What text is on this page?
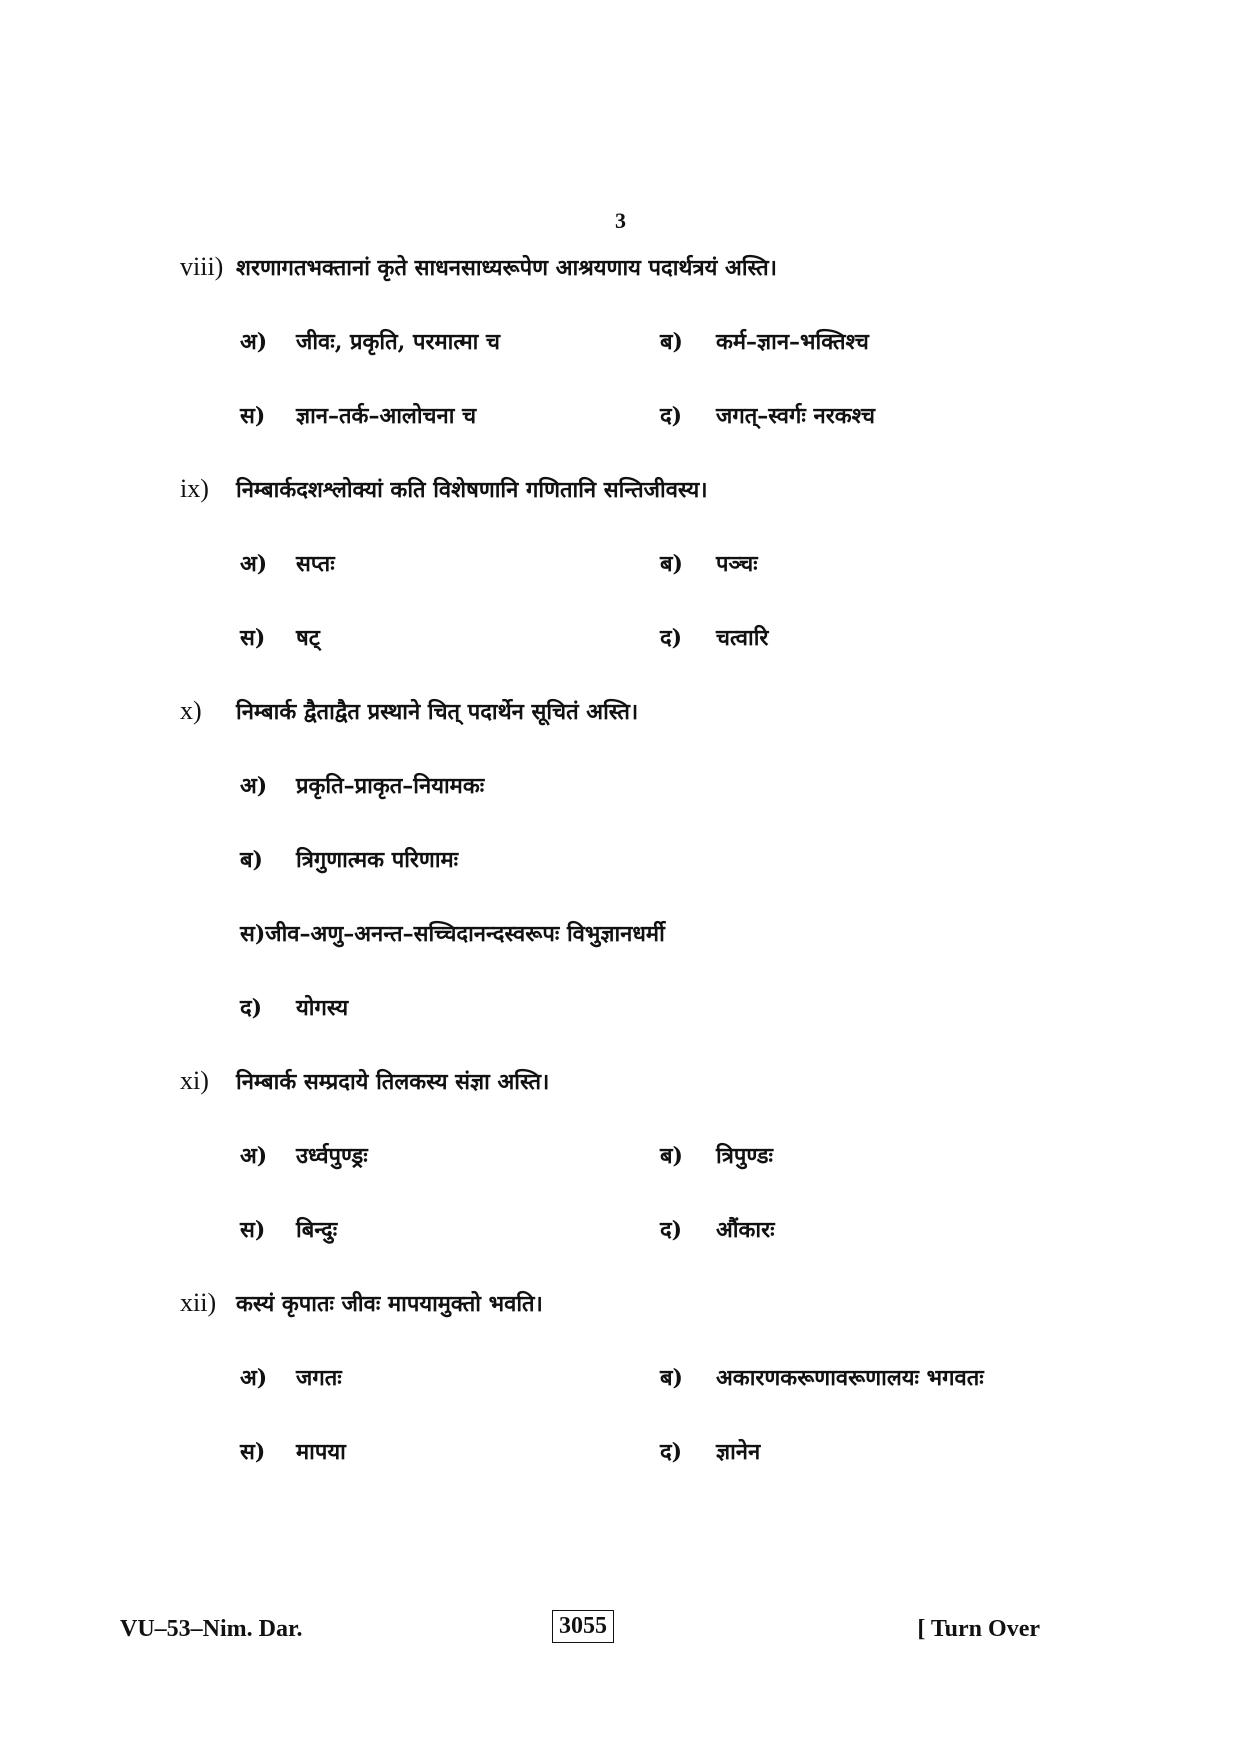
3
viii) शरणागतभक्तानां कृते साधनसाध्यरूपेण आश्रयणाय पदार्थत्रयं अस्ति।
अ)	जीवः, प्रकृति, परमात्मा च	ब)	कर्म–ज्ञान–भक्तिश्च
स)	ज्ञान–तर्क–आलोचना च	द)	जगत्–स्वर्गः नरकश्च
ix)	निम्बार्कदशश्लोक्यां कति विशेषणानि गणितानि सन्तिजीवस्य।
अ)	सप्तः	ब)	पञ्चः
स)	षट्	द)	चत्वारि
x)	निम्बार्क द्वैताद्वैत प्रस्थाने चित् पदार्थेन सूचितं अस्ति।
अ)	प्रकृति–प्राकृत–नियामकः
ब)	त्रिगुणात्मक परिणामः
स) जीव–अणु–अनन्त–सच्चिदानन्दस्वरूपः विभुज्ञानधर्मी
द)	योगस्य
xi)	निम्बार्क सम्प्रदाये तिलकस्य संज्ञा अस्ति।
अ)	उर्ध्वपुण्ड्रः	ब)	त्रिपुण्डः
स)	बिन्दुः	द)	औंकारः
xii) कस्यं कृपातः जीवः मापयामुक्तो भवति।
अ)	जगतः	ब)	अकारणकरूणावरूणालयः भगवतः
स)	मापया	द)	ज्ञानेन
VU–53–Nim. Dar.	3055	[ Turn Over
